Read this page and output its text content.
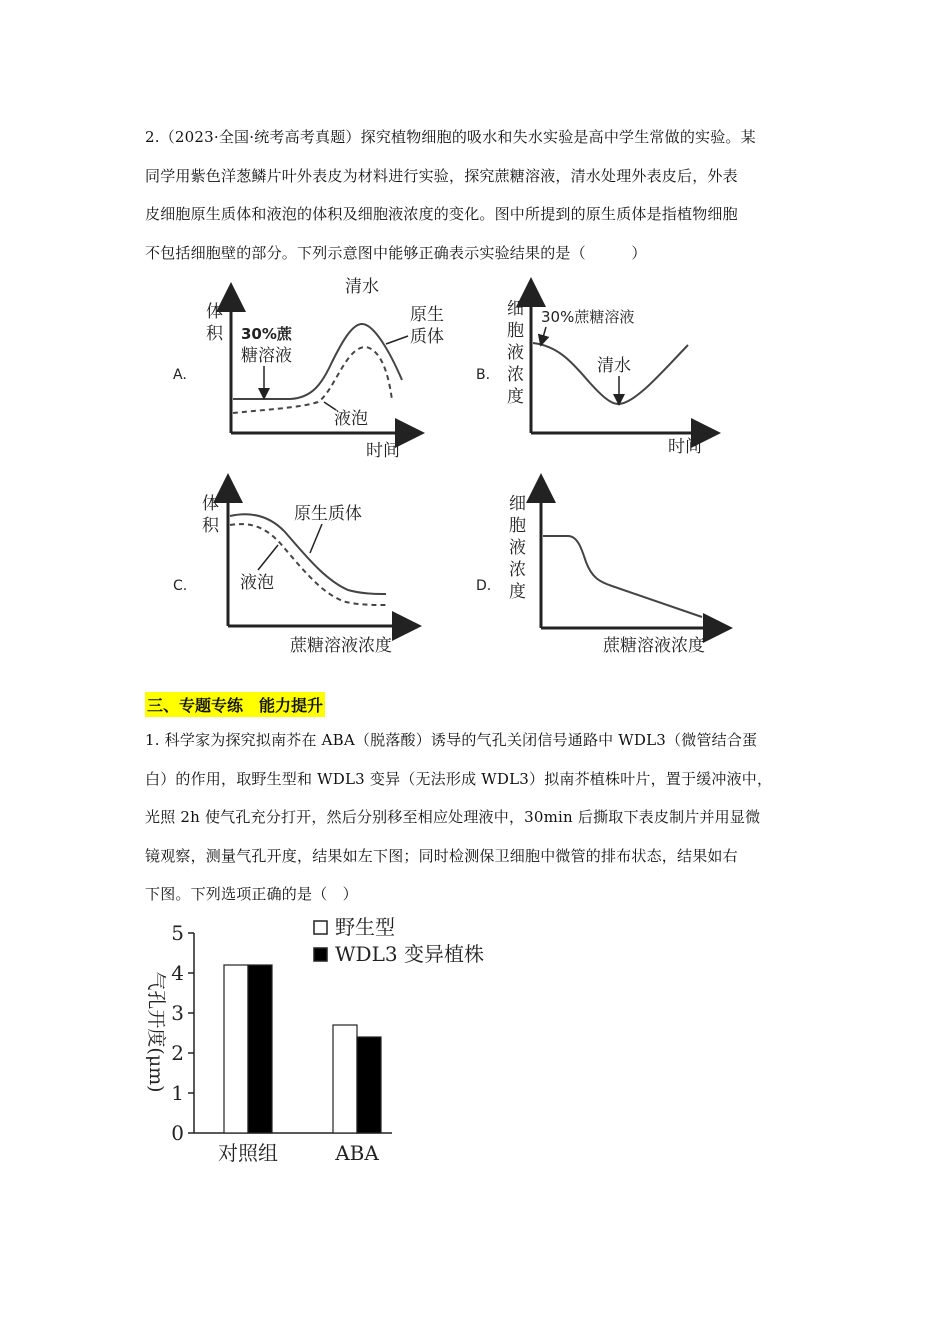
2.（2023·全国·统考高考真题）探究植物细胞的吸水和失水实验是高中学生常做的实验。某

同学用紫色洋葱鳞片叶外表皮为材料进行实验，探究蔗糖溶液，清水处理外表皮后，外表

皮细胞原生质体和液泡的体积及细胞液浓度的变化。图中所提到的原生质体是指植物细胞

不包括细胞壁的部分。下列示意图中能够正确表示实验结果的是（　　　）

A.
体
积
时间
30%蔗
糖溶液
清水
原生
质体
液泡
B.
细
胞
液
浓
度
时间
30%蔗糖溶液
清水
C.
体
积
蔗糖溶液浓度
原生质体
液泡	D.
细
胞
液
浓
度
蔗糖溶液浓度
三、专题专练　能力提升

1. 科学家为探究拟南芥在 ABA（脱落酸）诱导的气孔关闭信号通路中 WDL3（微管结合蛋

白）的作用，取野生型和 WDL3 变异（无法形成 WDL3）拟南芥植株叶片，置于缓冲液中，

光照 2h 使气孔充分打开，然后分别移至相应处理液中，30min 后撕取下表皮制片并用显微

镜观察，测量气孔开度，结果如左下图；同时检测保卫细胞中微管的排布状态，结果如右

下图。下列选项正确的是（　）

0
1
2
3
4
5
对照组	ABA
野生型
WDL3 变异植株
气孔开度(μm)
